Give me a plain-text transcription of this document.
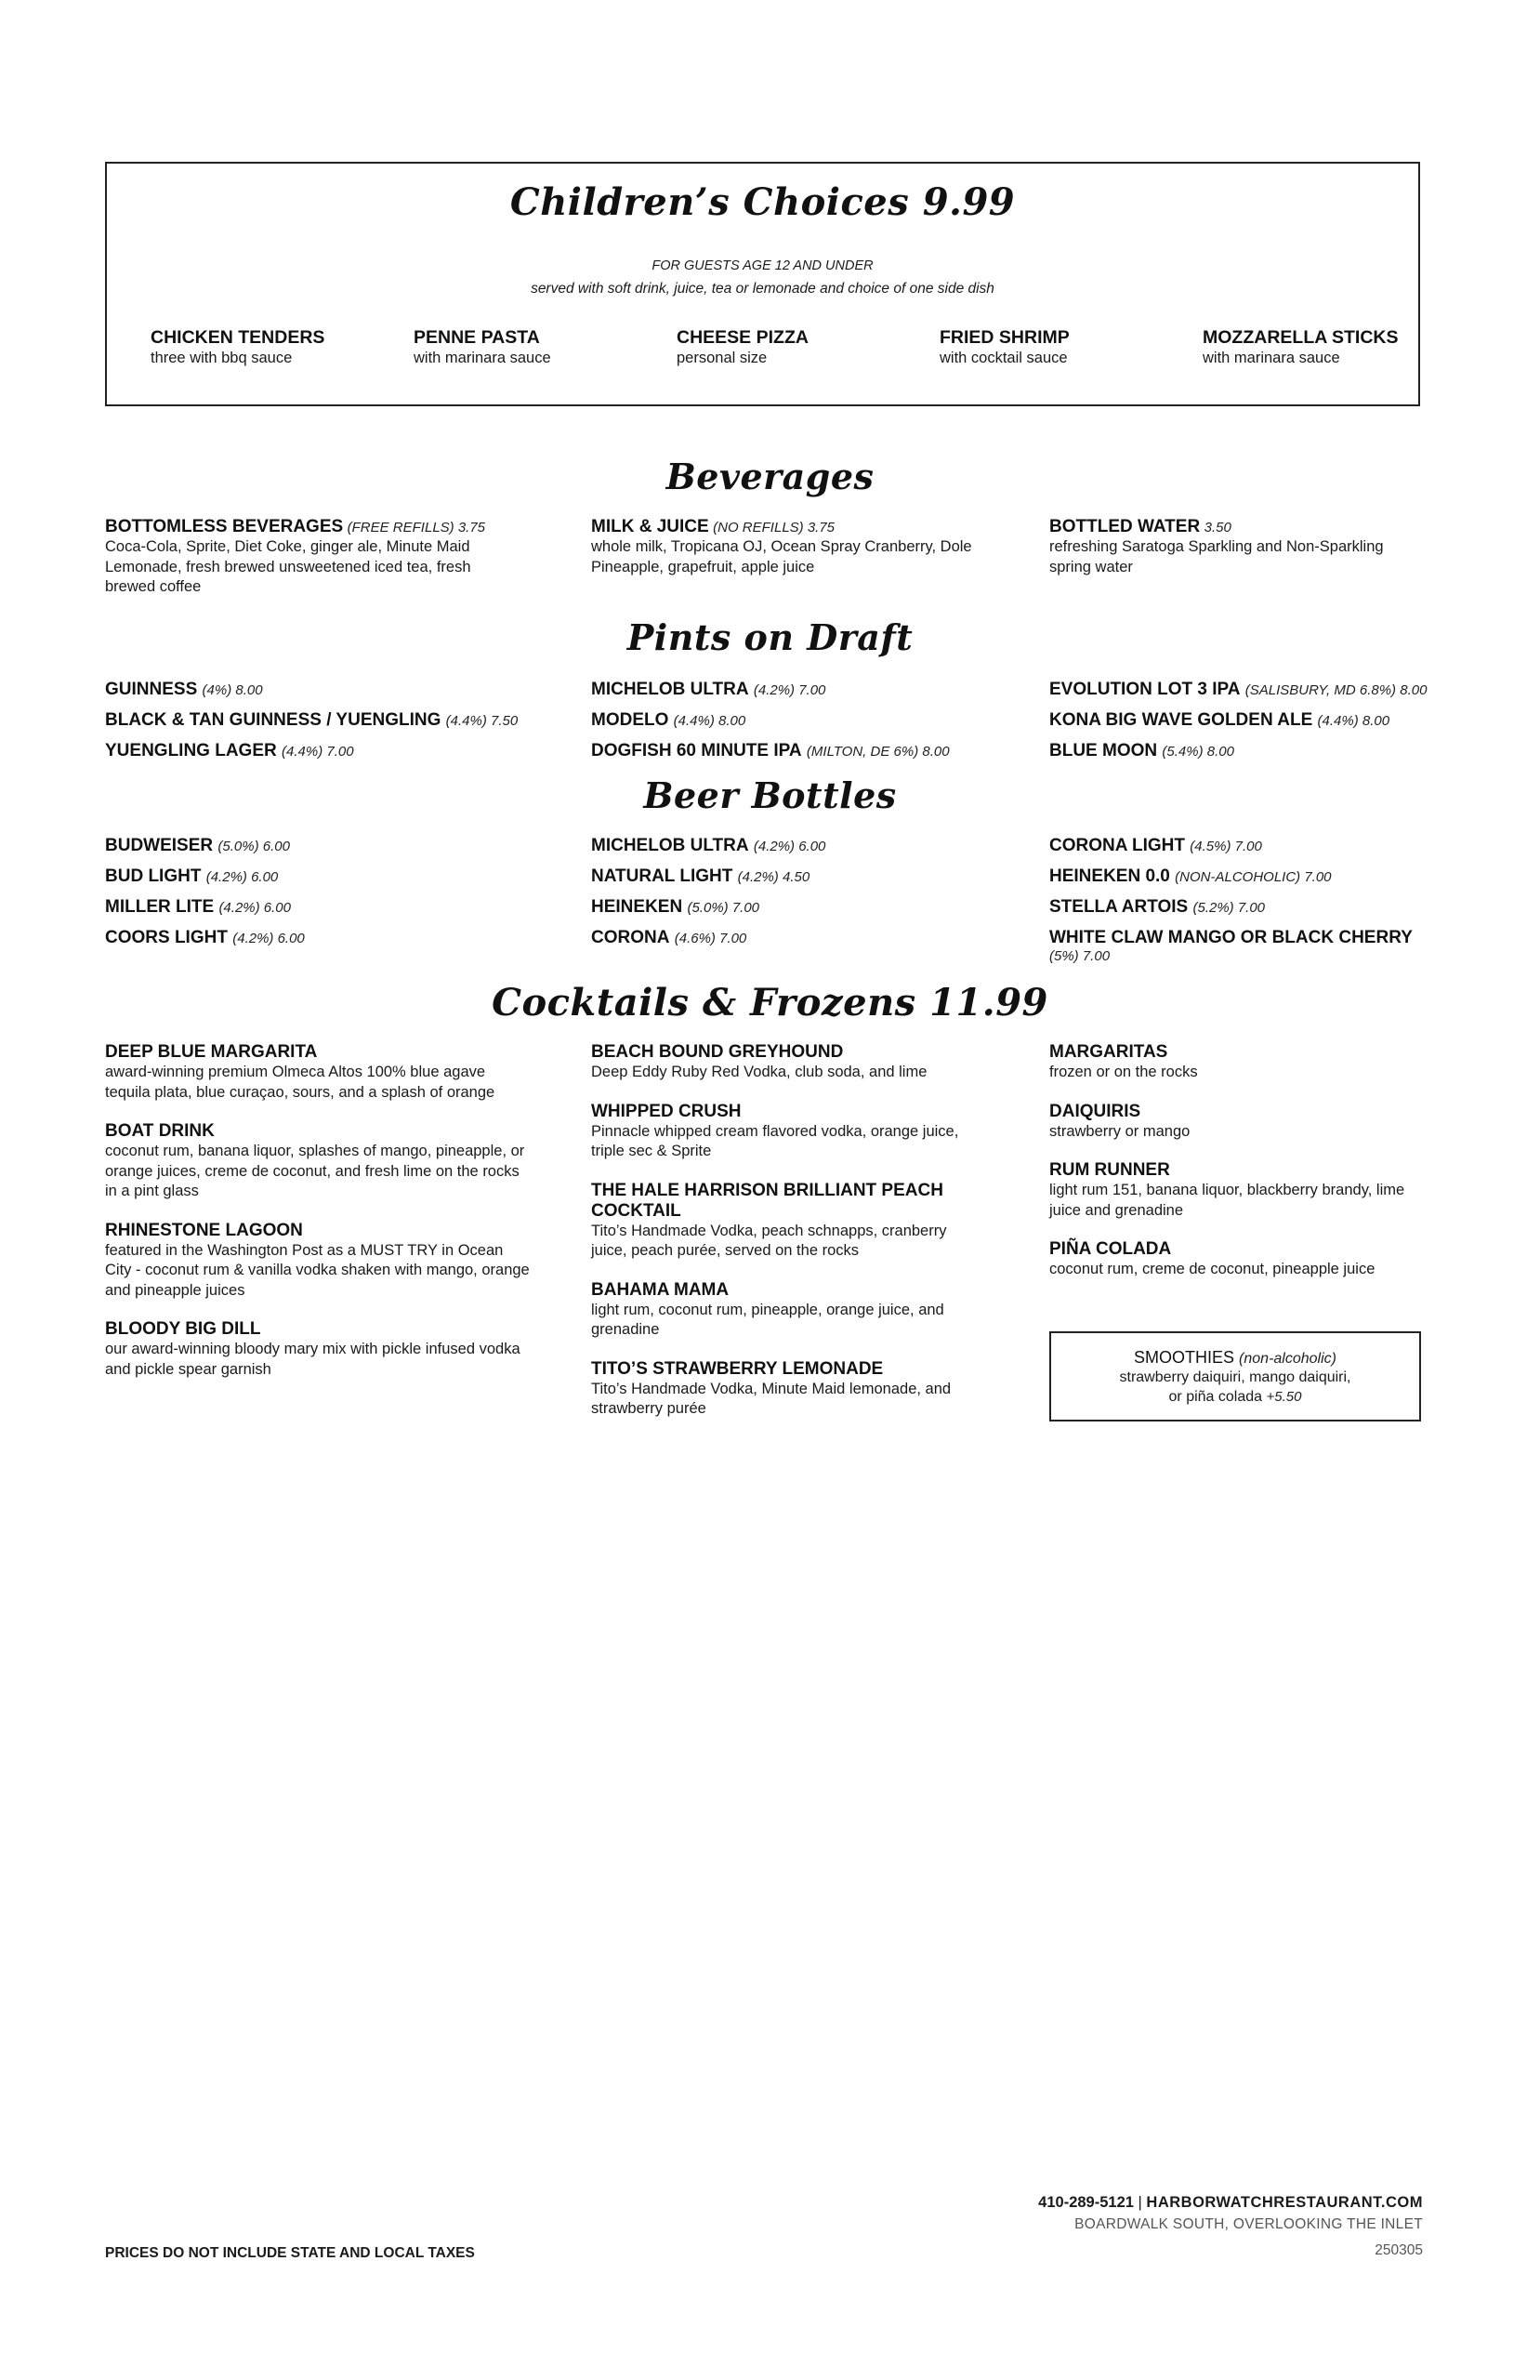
Children’s Choices 9.99
FOR GUESTS AGE 12 AND UNDER
served with soft drink, juice, tea or lemonade and choice of one side dish
CHICKEN TENDERS
three with bbq sauce
PENNE PASTA
with marinara sauce
CHEESE PIZZA
personal size
FRIED SHRIMP
with cocktail sauce
MOZZARELLA STICKS
with marinara sauce
Beverages
BOTTOMLESS BEVERAGES (FREE REFILLS) 3.75
Coca-Cola, Sprite, Diet Coke, ginger ale, Minute Maid Lemonade, fresh brewed unsweetened iced tea, fresh brewed coffee
MILK & JUICE (NO REFILLS) 3.75
whole milk, Tropicana OJ, Ocean Spray Cranberry, Dole Pineapple, grapefruit, apple juice
BOTTLED WATER 3.50
refreshing Saratoga Sparkling and Non-Sparkling spring water
Pints on Draft
GUINNESS (4%) 8.00
BLACK & TAN GUINNESS / YUENGLING (4.4%) 7.50
YUENGLING LAGER (4.4%) 7.00
MICHELOB ULTRA (4.2%) 7.00
MODELO (4.4%) 8.00
DOGFISH 60 MINUTE IPA (MILTON, DE 6%) 8.00
EVOLUTION LOT 3 IPA (SALISBURY, MD 6.8%) 8.00
KONA BIG WAVE GOLDEN ALE (4.4%) 8.00
BLUE MOON (5.4%) 8.00
Beer Bottles
BUDWEISER (5.0%) 6.00
BUD LIGHT (4.2%) 6.00
MILLER LITE (4.2%) 6.00
COORS LIGHT (4.2%) 6.00
MICHELOB ULTRA (4.2%) 6.00
NATURAL LIGHT (4.2%) 4.50
HEINEKEN (5.0%) 7.00
CORONA (4.6%) 7.00
CORONA LIGHT (4.5%) 7.00
HEINEKEN 0.0 (NON-ALCOHOLIC) 7.00
STELLA ARTOIS (5.2%) 7.00
WHITE CLAW MANGO OR BLACK CHERRY
(5%) 7.00
Cocktails & Frozens 11.99
DEEP BLUE MARGARITA
award-winning premium Olmeca Altos 100% blue agave tequila plata, blue curaçao, sours, and a splash of orange
BOAT DRINK
coconut rum, banana liquor, splashes of mango, pineapple, or orange juices, creme de coconut, and fresh lime on the rocks in a pint glass
RHINESTONE LAGOON
featured in the Washington Post as a MUST TRY in Ocean City - coconut rum & vanilla vodka shaken with mango, orange and pineapple juices
BLOODY BIG DILL
our award-winning bloody mary mix with pickle infused vodka and pickle spear garnish
BEACH BOUND GREYHOUND
Deep Eddy Ruby Red Vodka, club soda, and lime
WHIPPED CRUSH
Pinnacle whipped cream flavored vodka, orange juice, triple sec & Sprite
THE HALE HARRISON BRILLIANT PEACH COCKTAIL
Tito’s Handmade Vodka, peach schnapps, cranberry juice, peach purée, served on the rocks
BAHAMA MAMA
light rum, coconut rum, pineapple, orange juice, and grenadine
TITO’S STRAWBERRY LEMONADE
Tito’s Handmade Vodka, Minute Maid lemonade, and strawberry purée
MARGARITAS
frozen or on the rocks
DAIQUIRIS
strawberry or mango
RUM RUNNER
light rum 151, banana liquor, blackberry brandy, lime juice and grenadine
PIÑA COLADA
coconut rum, creme de coconut, pineapple juice
SMOOTHIES (non-alcoholic)
strawberry daiquiri, mango daiquiri,
or piña colada +5.50
410-289-5121 | HARBORWATCHRESTAURANT.COM
BOARDWALK SOUTH, OVERLOOKING THE INLET
250305
PRICES DO NOT INCLUDE STATE AND LOCAL TAXES
